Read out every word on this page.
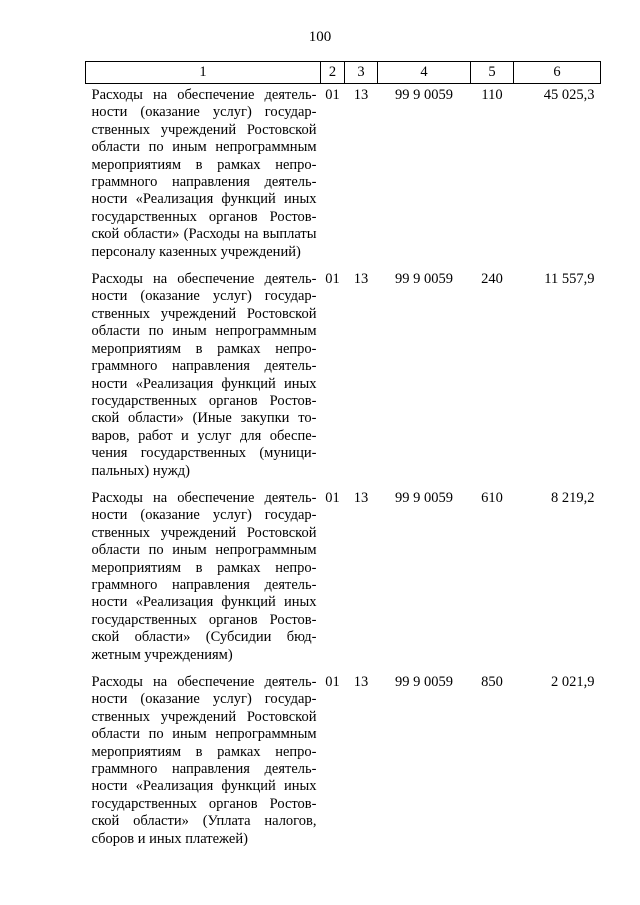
100
1	2	3	4	5	6
Расходы на обеспечение деятельности (оказание услуг) государственных учреждений Ростовской области по иным непрограммным мероприятиям в рамках непрограммного направления деятельности «Реализация функций иных государственных органов Ростовской области» (Расходы на выплаты персоналу казенных учреждений)	01	13	99 9 0059	110	45 025,3
Расходы на обеспечение деятельности (оказание услуг) государственных учреждений Ростовской области по иным непрограммным мероприятиям в рамках непрограммного направления деятельности «Реализация функций иных государственных органов Ростовской области» (Иные закупки товаров, работ и услуг для обеспечения государственных (муниципальных) нужд)	01	13	99 9 0059	240	11 557,9
Расходы на обеспечение деятельности (оказание услуг) государственных учреждений Ростовской области по иным непрограммным мероприятиям в рамках непрограммного направления деятельности «Реализация функций иных государственных органов Ростовской области» (Субсидии бюджетным учреждениям)	01	13	99 9 0059	610	8 219,2
Расходы на обеспечение деятельности (оказание услуг) государственных учреждений Ростовской области по иным непрограммным мероприятиям в рамках непрограммного направления деятельности «Реализация функций иных государственных органов Ростовской области» (Уплата налогов, сборов и иных платежей)	01	13	99 9 0059	850	2 021,9
